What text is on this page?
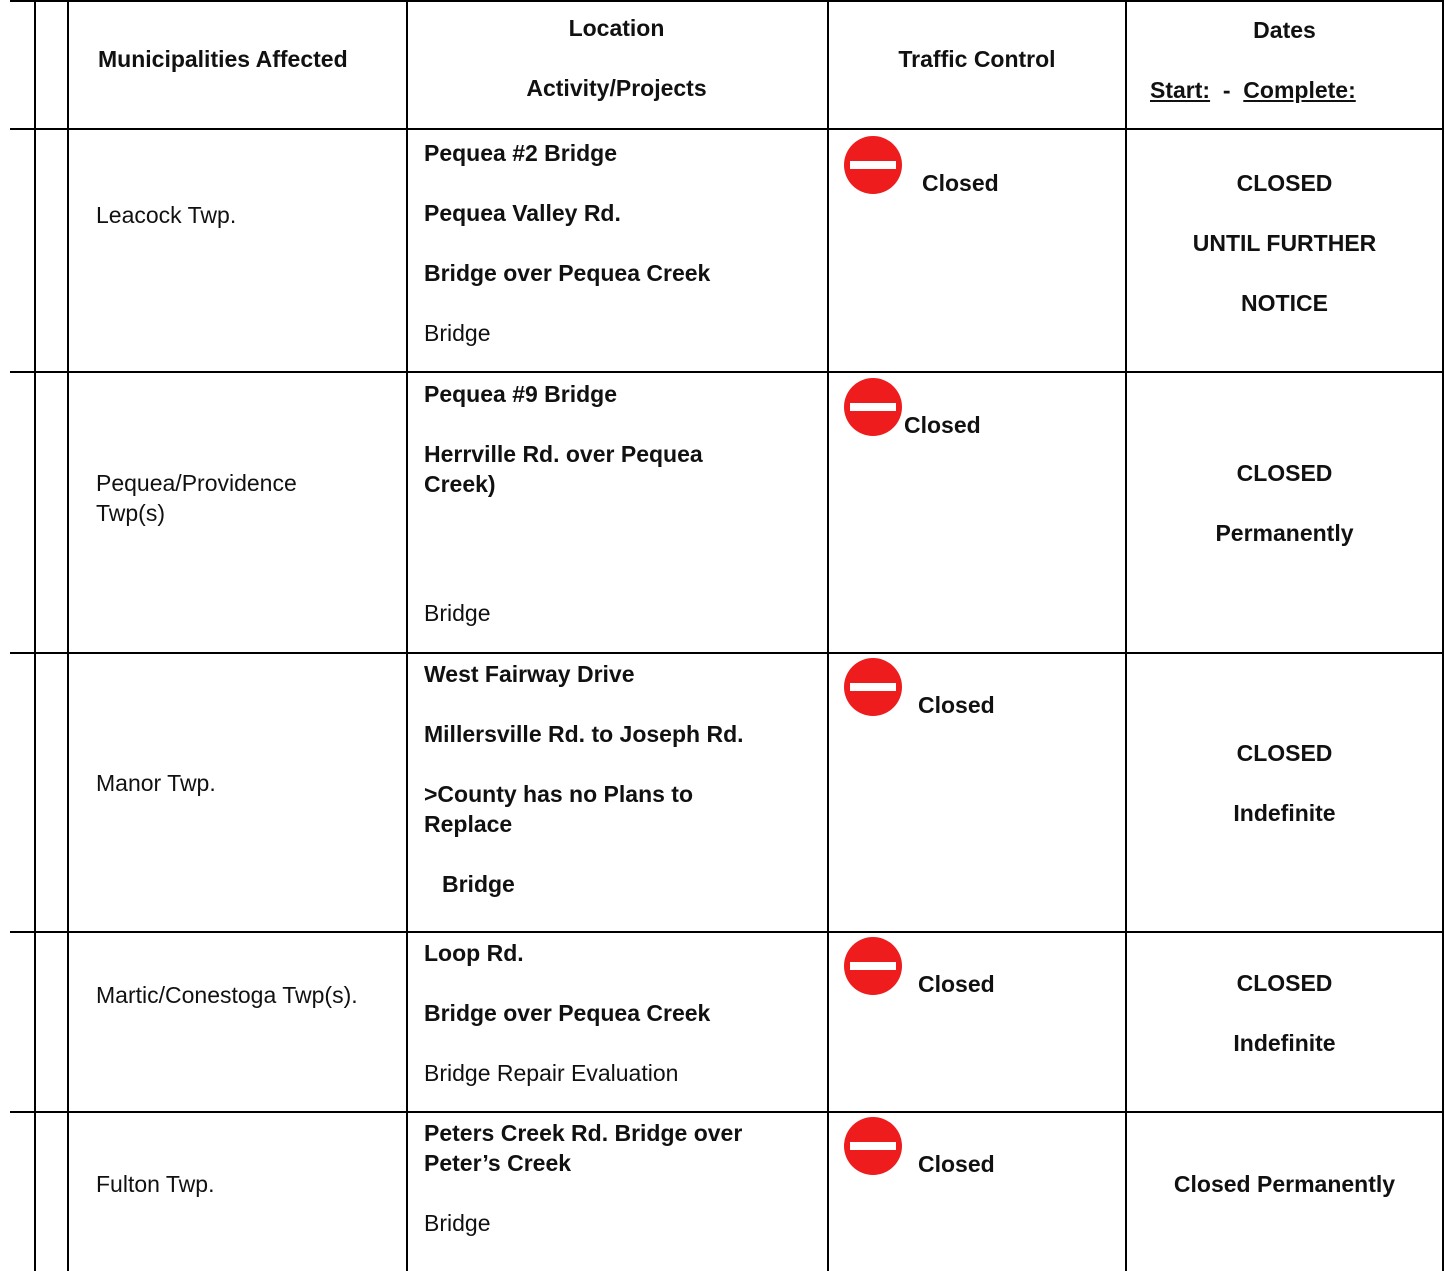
Municipalities Affected
Location
Activity/Projects
Traffic Control
Dates
Start: - Complete:
Leacock Twp.
Pequea #2 Bridge
Pequea Valley Rd.
Bridge over Pequea Creek
Bridge
Closed	CLOSED
UNTIL FURTHER
NOTICE
Pequea/Providence Twp(s)
Pequea #9 Bridge
Herrville Rd. over Pequea Creek)
Bridge
Closed
CLOSED
Permanently
Manor Twp.
West Fairway Drive
Millersville Rd. to Joseph Rd.
>County has no Plans to Replace
Bridge
Closed
CLOSED
Indefinite
Martic/Conestoga Twp(s).
Loop Rd.
Bridge over Pequea Creek
Bridge Repair Evaluation
Closed	CLOSED
Indefinite
Fulton Twp.
Peters Creek Rd. Bridge over Peter’s Creek
Bridge
Closed
Closed Permanently
